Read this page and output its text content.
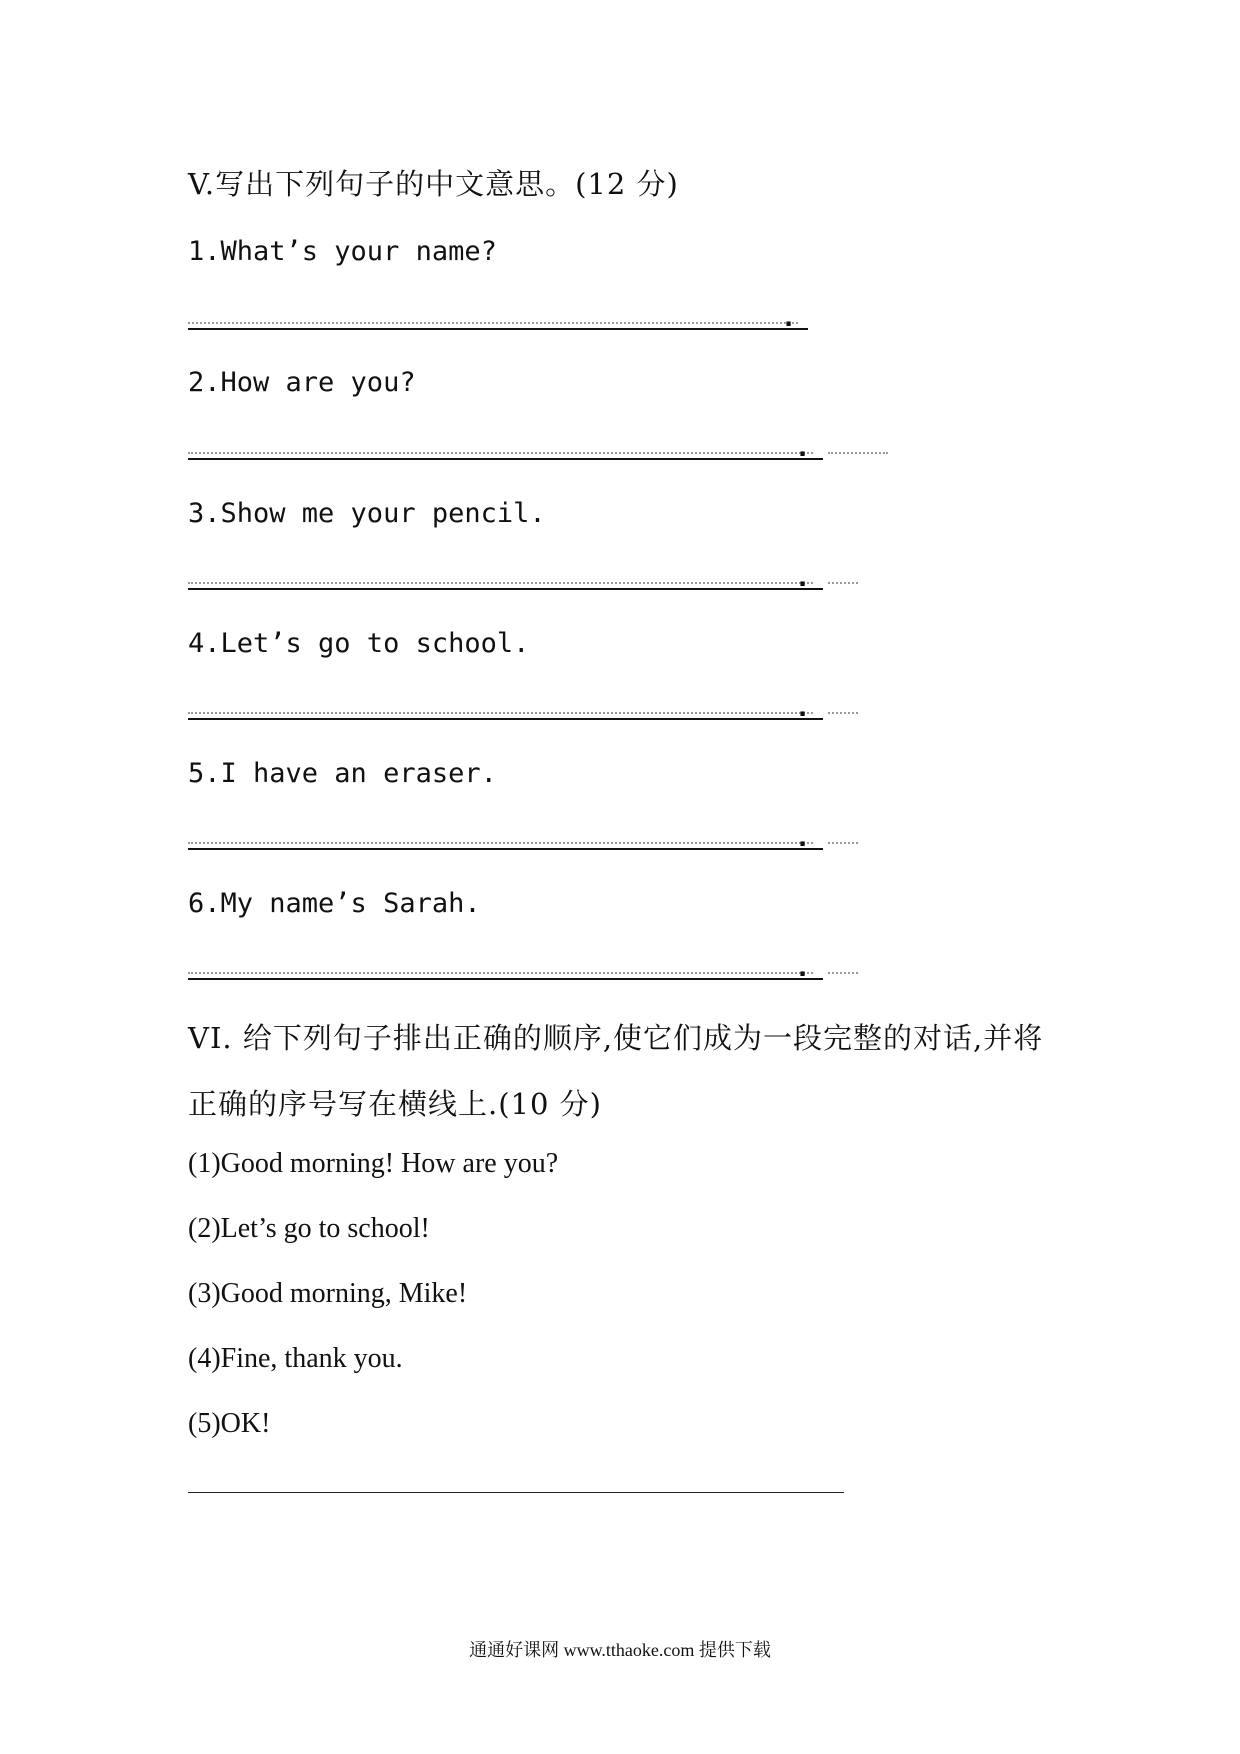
V.写出下列句子的中文意思。(12 分)
1.What’s your name?
.
2.How are you?
.
3.Show me your pencil.
.
4.Let’s go to school.
.
5.I have an eraser.
.
6.My name’s Sarah.
.
VI. 给下列句子排出正确的顺序,使它们成为一段完整的对话,并将
正确的序号写在横线上.(10 分)
(1)Good morning! How are you?
(2)Let’s go to school!
(3)Good morning, Mike!
(4)Fine, thank you.
(5)OK!
通通好课网 www.tthaoke.com 提供下载
